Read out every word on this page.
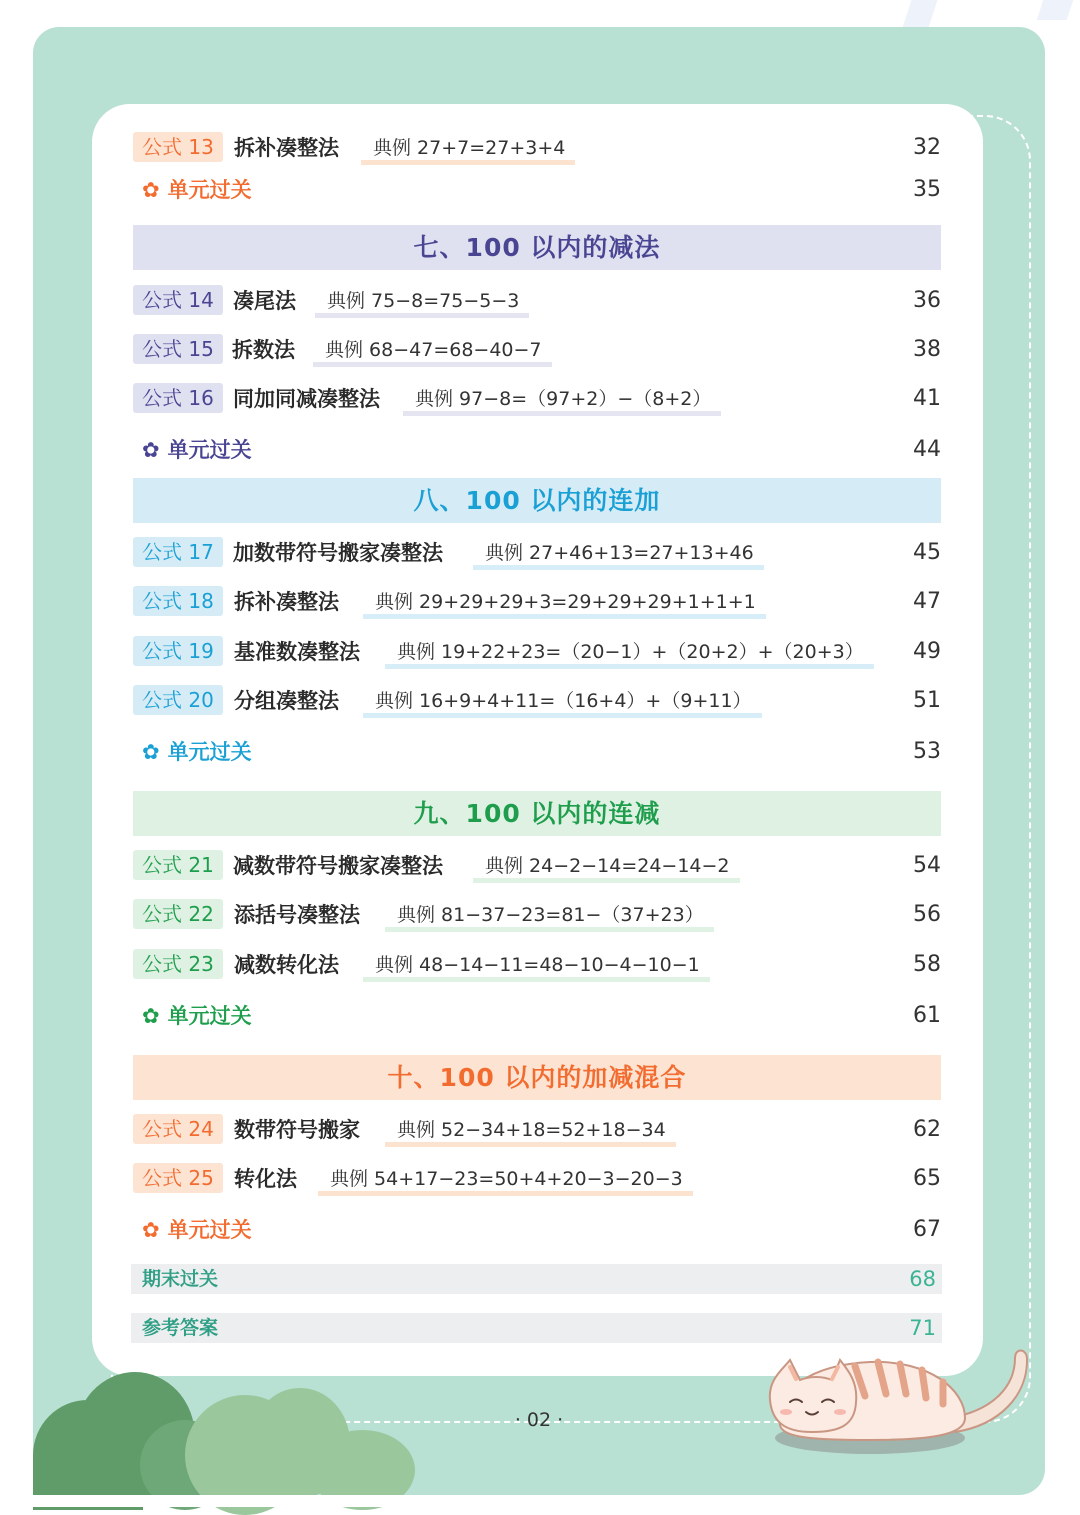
公式 13 拆补凑整法	典例 27+7=27+3+4	32
✿ 单元过关	35
七、100 以内的减法
公式 14 凑尾法	典例 75−8=75−5−3	36
公式 15 拆数法	典例 68−47=68−40−7	38
公式 16 同加同减凑整法	典例 97−8=（97+2）−（8+2）	41
✿ 单元过关	44
八、100 以内的连加
公式 17 加数带符号搬家凑整法	典例 27+46+13=27+13+46	45
公式 18 拆补凑整法	典例 29+29+29+3=29+29+29+1+1+1	47
公式 19 基准数凑整法	典例 19+22+23=（20−1）+（20+2）+（20+3）	49
公式 20 分组凑整法	典例 16+9+4+11=（16+4）+（9+11）	51
✿ 单元过关	53
九、100 以内的连减
公式 21 减数带符号搬家凑整法	典例 24−2−14=24−14−2	54
公式 22 添括号凑整法	典例 81−37−23=81−（37+23）	56
公式 23 减数转化法	典例 48−14−11=48−10−4−10−1	58
✿ 单元过关	61
十、100 以内的加减混合
公式 24 数带符号搬家	典例 52−34+18=52+18−34	62
公式 25 转化法	典例 54+17−23=50+4+20−3−20−3	65
✿ 单元过关	67
期末过关	68
参考答案	71
· 02 ·
